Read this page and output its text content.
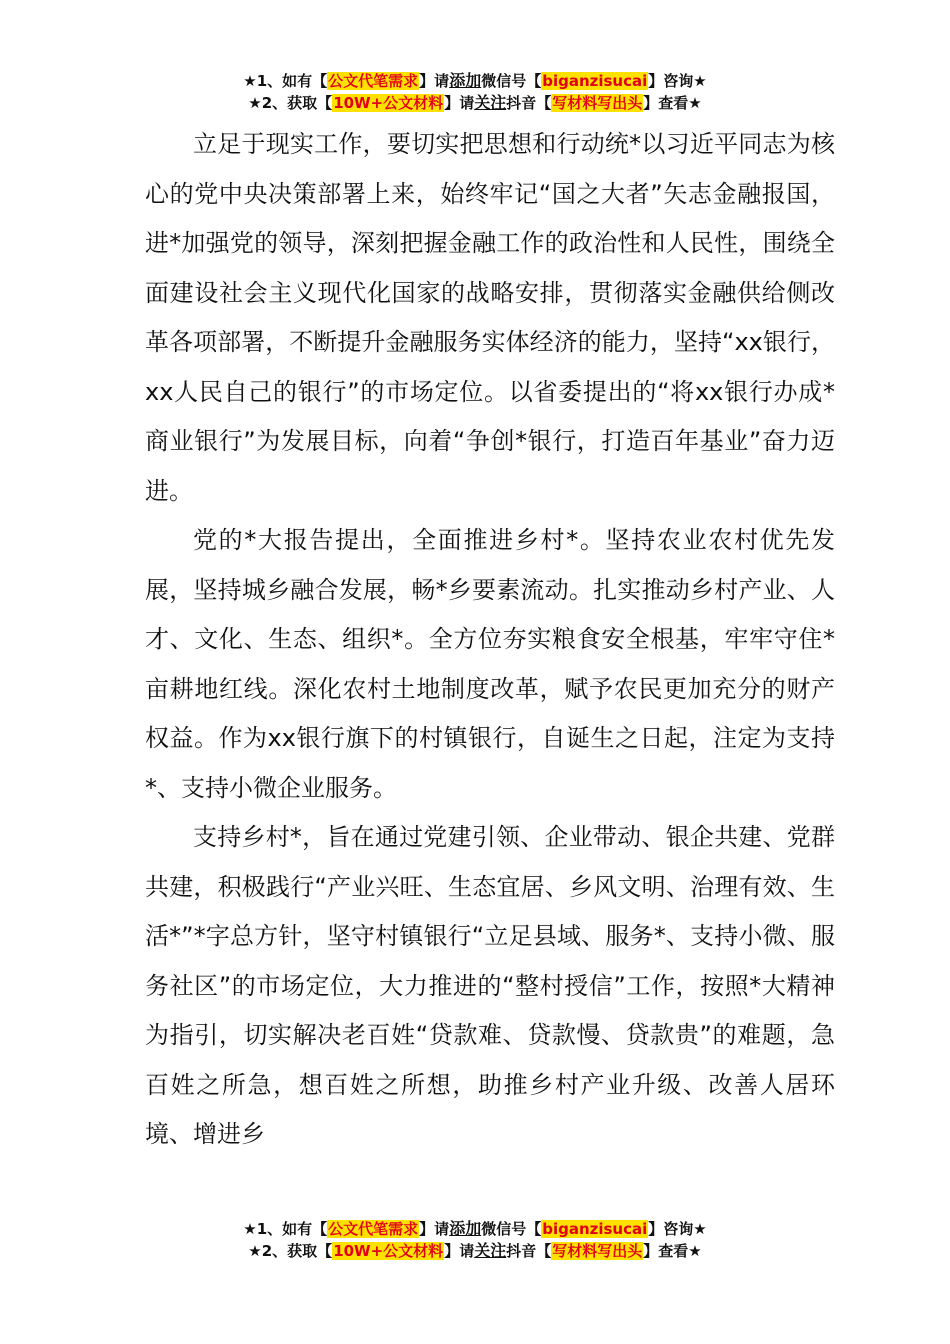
★1、如有【公文代笔需求】请添加微信号【biganzisucai】咨询★
★2、获取【10W+公文材料】请关注抖音【写材料写出头】查看★

立足于现实工作，要切实把思想和行动统*以习近平同志为核心的党中央决策部署上来，始终牢记“国之大者”矢志金融报国，进*加强党的领导，深刻把握金融工作的政治性和人民性，围绕全面建设社会主义现代化国家的战略安排，贯彻落实金融供给侧改革各项部署，不断提升金融服务实体经济的能力，坚持“xx银行，xx人民自己的银行”的市场定位。以省委提出的“将xx银行办成*商业银行”为发展目标，向着“争创*银行，打造百年基业”奋力迈进。

党的*大报告提出，全面推进乡村*。坚持农业农村优先发展，坚持城乡融合发展，畅*乡要素流动。扎实推动乡村产业、人才、文化、生态、组织*。全方位夯实粮食安全根基，牢牢守住*亩耕地红线。深化农村土地制度改革，赋予农民更加充分的财产权益。作为xx银行旗下的村镇银行，自诞生之日起，注定为支持*、支持小微企业服务。

支持乡村*，旨在通过党建引领、企业带动、银企共建、党群共建，积极践行“产业兴旺、生态宜居、乡风文明、治理有效、生活*”*字总方针，坚守村镇银行“立足县域、服务*、支持小微、服务社区”的市场定位，大力推进的“整村授信”工作，按照*大精神为指引，切实解决老百姓“贷款难、贷款慢、贷款贵”的难题，急百姓之所急，想百姓之所想，助推乡村产业升级、改善人居环境、增进乡

★1、如有【公文代笔需求】请添加微信号【biganzisucai】咨询★
★2、获取【10W+公文材料】请关注抖音【写材料写出头】查看★
